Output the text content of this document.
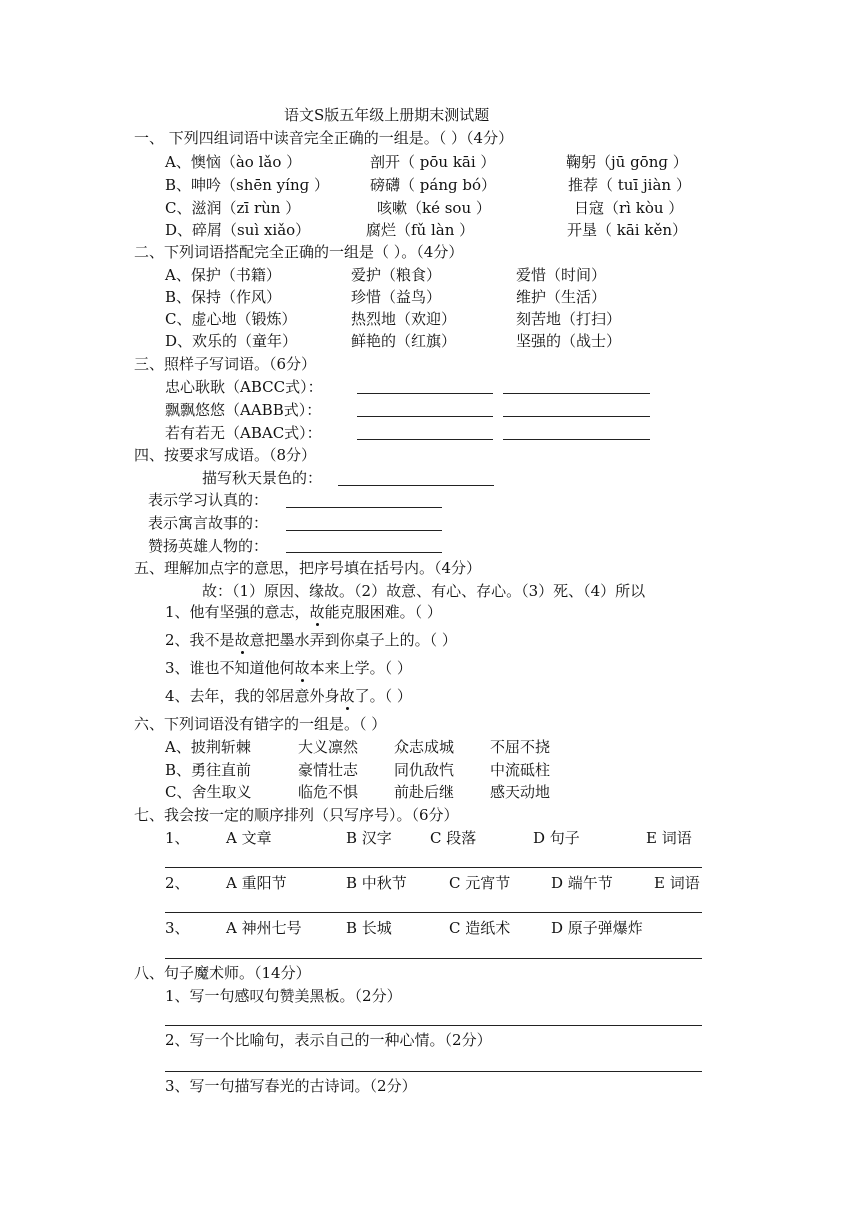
语文S版五年级上册期末测试题
一、 下列四组词语中读音完全正确的一组是。（ ）（4分）
A、懊恼（ào lǎo ）	剖开（ pōu kāi ）	鞠躬（jū gōnɡ ）
B、呻吟（shēn yínɡ ）	磅礴（ pánɡ bó）	推荐（ tuī jiàn ）
C、滋润（zī rùn ）	咳嗽（ké sou ）	日寇（rì kòu ）
D、碎屑（suì xiǎo）	腐烂（fǔ làn ）	开垦（ kāi kěn）
二、下列词语搭配完全正确的一组是（ ）。（4分）
A、保护（书籍）	爱护（粮食）	爱惜（时间）
B、保持（作风）	珍惜（益鸟）	维护（生活）
C、虚心地（锻炼）	热烈地（欢迎）	刻苦地（打扫）
D、欢乐的（童年）	鲜艳的（红旗）	坚强的（战士）
三、照样子写词语。（6分）
忠心耿耿（ABCC式）：
飘飘悠悠（AABB式）：
若有若无（ABAC式）：
四、按要求写成语。（8分）
描写秋天景色的：
表示学习认真的：
表示寓言故事的：
赞扬英雄人物的：
五、理解加点字的意思，把序号填在括号内。（4分）
故：（1）原因、缘故。（2）故意、有心、存心。（3）死、（4）所以
1、他有坚强的意志，故能克服困难。（ ）
2、我不是故意把墨水弄到你桌子上的。（ ）
3、谁也不知道他何故本来上学。（ ）
4、去年，我的邻居意外身故了。（ ）
六、下列词语没有错字的一组是。（ ）
A、披荆斩棘	大义凛然 众志成城 不屈不挠
B、勇往直前	豪情壮志 同仇敌忾 中流砥柱
C、舍生取义	临危不惧 前赴后继 感天动地
七、我会按一定的顺序排列（只写序号）。（6分）
1、 A 文章	B 汉字	C 段落	D 句子	E 词语
2、 A 重阳节	B 中秋节	C 元宵节	D 端午节	E 词语
3、 A 神州七号	B 长城	C 造纸术	D 原子弹爆炸
八、句子魔术师。（14分）
1、写一句感叹句赞美黑板。（2分）
2、写一个比喻句，表示自己的一种心情。（2分）
3、写一句描写春光的古诗词。（2分）
